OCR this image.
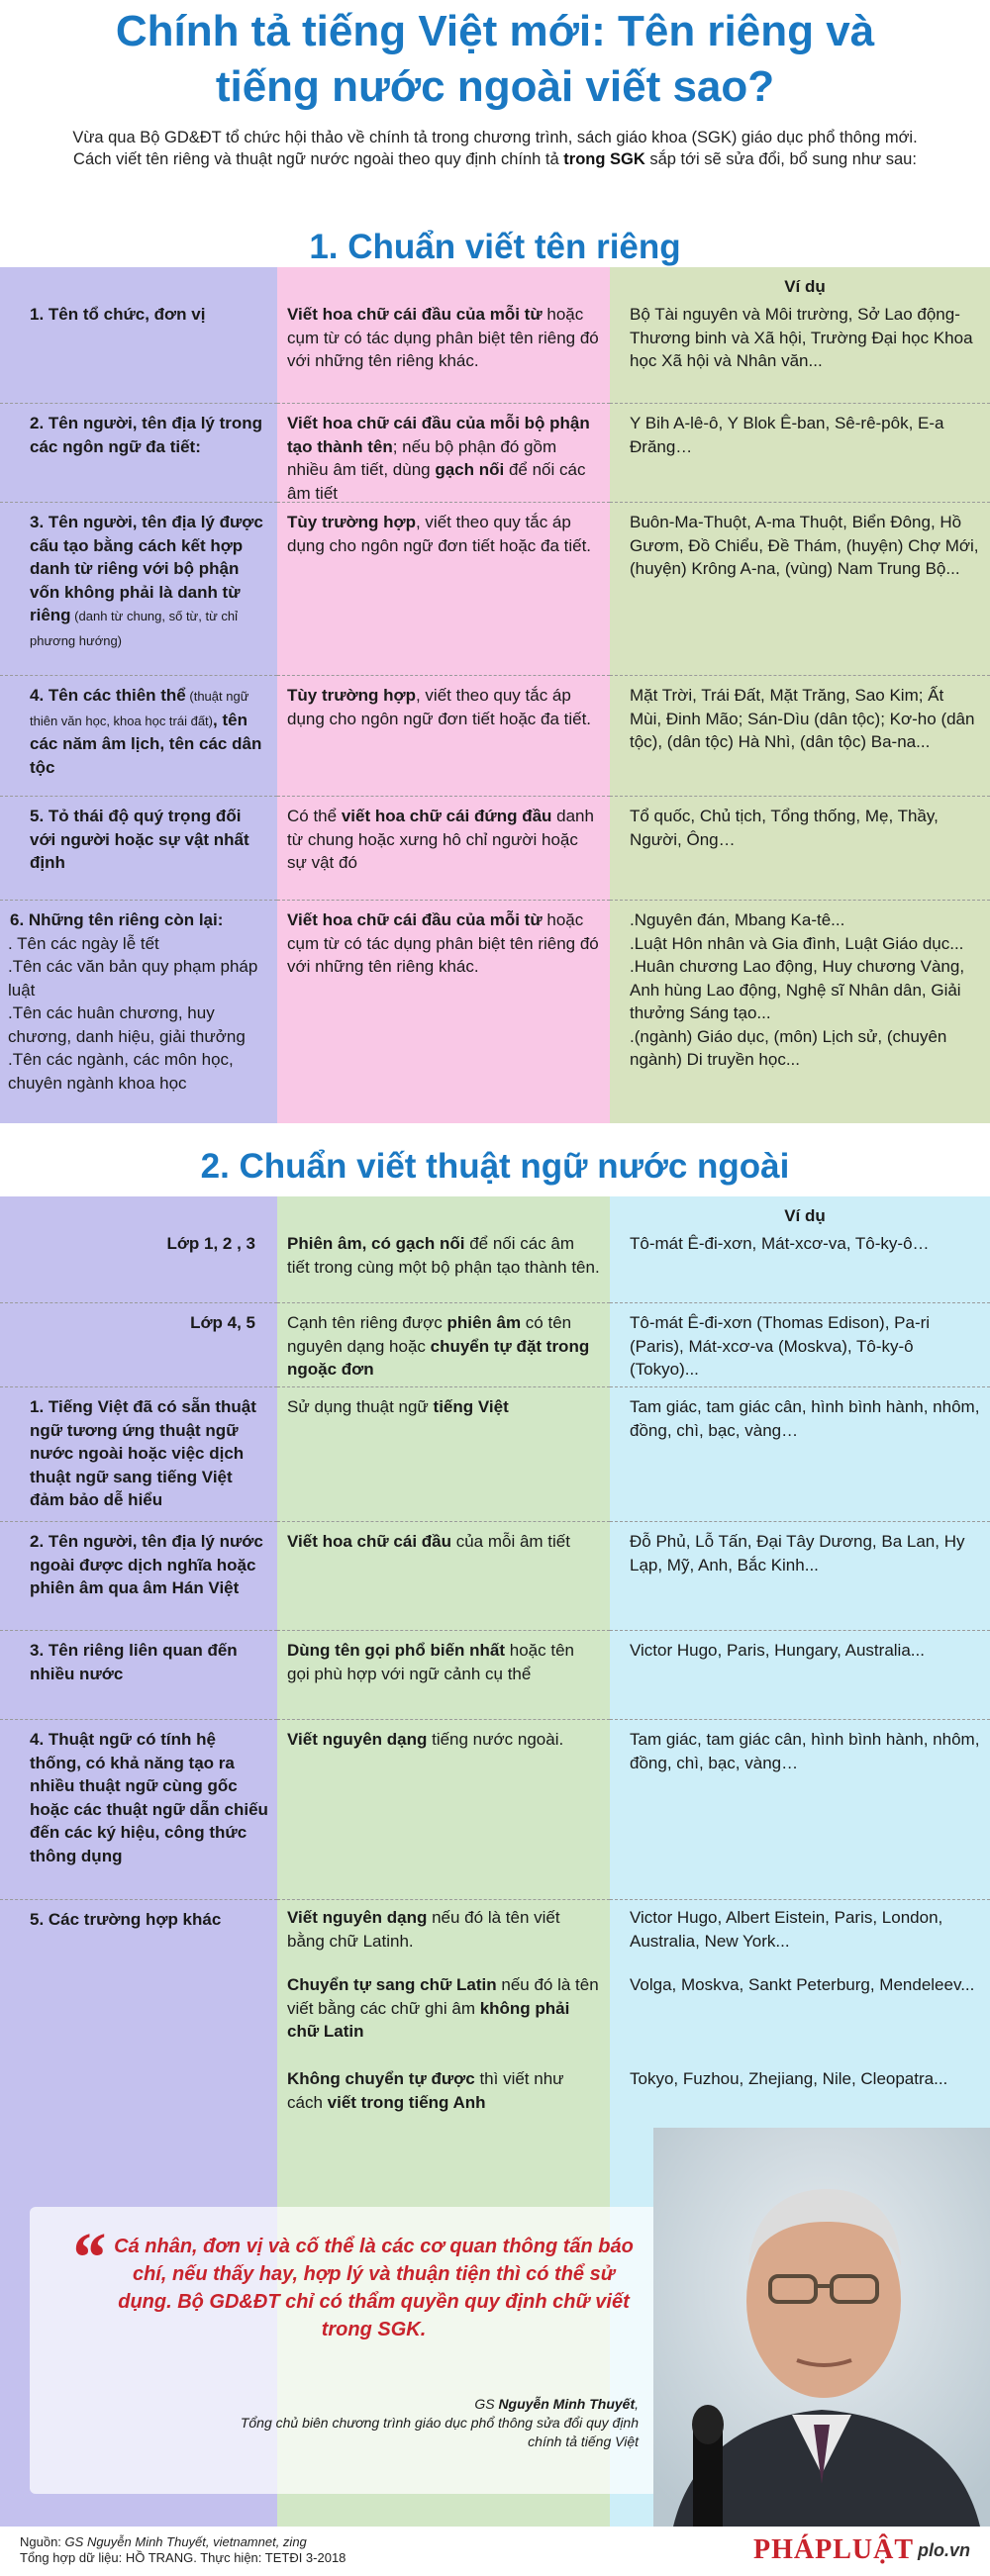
Chính tả tiếng Việt mới: Tên riêng và
tiếng nước ngoài viết sao?
Vừa qua Bộ GD&ĐT tổ chức hội thảo về chính tả trong chương trình, sách giáo khoa (SGK) giáo dục phổ thông mới.
Cách viết tên riêng và thuật ngữ nước ngoài theo quy định chính tả trong SGK sắp tới sẽ sửa đổi, bổ sung như sau:
1. Chuẩn viết tên riêng
1. Tên tổ chức, đơn vị
2. Tên người, tên địa lý trong các ngôn ngữ đa tiết:
3. Tên người, tên địa lý được cấu tạo bằng cách kết hợp danh từ riêng với bộ phận vốn không phải là danh từ riêng (danh từ chung, số từ, từ chỉ phương hướng)
4. Tên các thiên thể (thuật ngữ thiên văn học, khoa học trái đất), tên các năm âm lịch, tên các dân tộc
5. Tỏ thái độ quý trọng đối với người hoặc sự vật nhất định
6. Những tên riêng còn lại:
. Tên các ngày lễ tết
.Tên các văn bản quy phạm pháp luật
.Tên các huân chương, huy chương, danh hiệu, giải thưởng
.Tên các ngành, các môn học, chuyên ngành khoa học
Viết hoa chữ cái đầu của mỗi từ hoặc cụm từ có tác dụng phân biệt tên riêng đó với những tên riêng khác.
Viết hoa chữ cái đầu của mỗi bộ phận tạo thành tên; nếu bộ phận đó gồm nhiều âm tiết, dùng gạch nối để nối các âm tiết
Tùy trường hợp, viết theo quy tắc áp dụng cho ngôn ngữ đơn tiết hoặc đa tiết.
Tùy trường hợp, viết theo quy tắc áp dụng cho ngôn ngữ đơn tiết hoặc đa tiết.
Có thể viết hoa chữ cái đứng đầu danh từ chung hoặc xưng hô chỉ người hoặc sự vật đó
Viết hoa chữ cái đầu của mỗi từ hoặc cụm từ có tác dụng phân biệt tên riêng đó với những tên riêng khác.
Ví dụ
Bộ Tài nguyên và Môi trường, Sở Lao động-Thương binh và Xã hội, Trường Đại học Khoa học Xã hội và Nhân văn...
Y Bih A-lê-ô, Y Blok Ê-ban, Sê-rê-pôk, E-a Đrăng…
Buôn-Ma-Thuột, A-ma Thuột, Biển Đông, Hồ Gươm, Đồ Chiểu, Đề Thám, (huyện) Chợ Mới, (huyện) Krông A-na, (vùng) Nam Trung Bộ...
Mặt Trời, Trái Đất, Mặt Trăng, Sao Kim; Ất Mùi, Đinh Mão; Sán-Dìu (dân tộc); Kơ-ho (dân tộc), (dân tộc) Hà Nhì, (dân tộc) Ba-na...
Tổ quốc, Chủ tịch, Tổng thống, Mẹ, Thầy, Người, Ông…
.Nguyên đán, Mbang Ka-tê...
.Luật Hôn nhân và Gia đình, Luật Giáo dục...
.Huân chương Lao động, Huy chương Vàng, Anh hùng Lao động, Nghệ sĩ Nhân dân, Giải thưởng Sáng tạo...
.(ngành) Giáo dục, (môn) Lịch sử, (chuyên ngành) Di truyền học...
2. Chuẩn viết thuật ngữ nước ngoài
Lớp 1, 2 , 3
Lớp 4, 5
1. Tiếng Việt đã có sẵn thuật ngữ tương ứng thuật ngữ nước ngoài hoặc việc dịch thuật ngữ sang tiếng Việt đảm bảo dễ hiểu
2. Tên người, tên địa lý nước ngoài được dịch nghĩa hoặc phiên âm qua âm Hán Việt
3. Tên riêng liên quan đến nhiều nước
4. Thuật ngữ có tính hệ thống, có khả năng tạo ra nhiều thuật ngữ cùng gốc hoặc các thuật ngữ dẫn chiếu đến các ký hiệu, công thức thông dụng
5. Các trường hợp khác
Phiên âm, có gạch nối để nối các âm tiết trong cùng một bộ phận tạo thành tên.
Cạnh tên riêng được phiên âm có tên nguyên dạng hoặc chuyển tự đặt trong ngoặc đơn
Sử dụng thuật ngữ tiếng Việt
Viết hoa chữ cái đầu của mỗi âm tiết
Dùng tên gọi phổ biến nhất hoặc tên gọi phù hợp với ngữ cảnh cụ thể
Viết nguyên dạng tiếng nước ngoài.
Viết nguyên dạng nếu đó là tên viết bằng chữ Latinh.
Chuyển tự sang chữ Latin nếu đó là tên viết bằng các chữ ghi âm không phải chữ Latin
Không chuyển tự được thì viết như cách viết trong tiếng Anh
Ví dụ
Tô-mát Ê-đi-xơn, Mát-xcơ-va, Tô-ky-ô…
Tô-mát Ê-đi-xơn (Thomas Edison), Pa-ri (Paris), Mát-xcơ-va (Moskva), Tô-ky-ô (Tokyo)...
Tam giác, tam giác cân, hình bình hành, nhôm, đồng, chì, bạc, vàng…
Đỗ Phủ, Lỗ Tấn, Đại Tây Dương, Ba Lan, Hy Lạp, Mỹ, Anh, Bắc Kinh...
Victor Hugo, Paris, Hungary, Australia...
Tam giác, tam giác cân, hình bình hành, nhôm, đồng, chì, bạc, vàng…
Victor Hugo, Albert Eistein, Paris, London, Australia, New York...
Volga, Moskva, Sankt Peterburg, Mendeleev...
Tokyo, Fuzhou, Zhejiang, Nile, Cleopatra...
“ Cá nhân, đơn vị và cố thể là các cơ quan thông tấn báo chí, nếu thấy hay, hợp lý và thuận tiện thì có thể sử dụng. Bộ GD&ĐT chỉ có thẩm quyền quy định chữ viết trong SGK.
GS Nguyễn Minh Thuyết,
Tổng chủ biên chương trình giáo dục phổ thông sửa đổi quy định chính tả tiếng Việt
Nguồn: GS Nguyễn Minh Thuyết, vietnamnet, zing
Tổng hợp dữ liệu: HỒ TRANG. Thực hiện: TETĐI 3-2018	PHÁPLUẬT plo.vn
